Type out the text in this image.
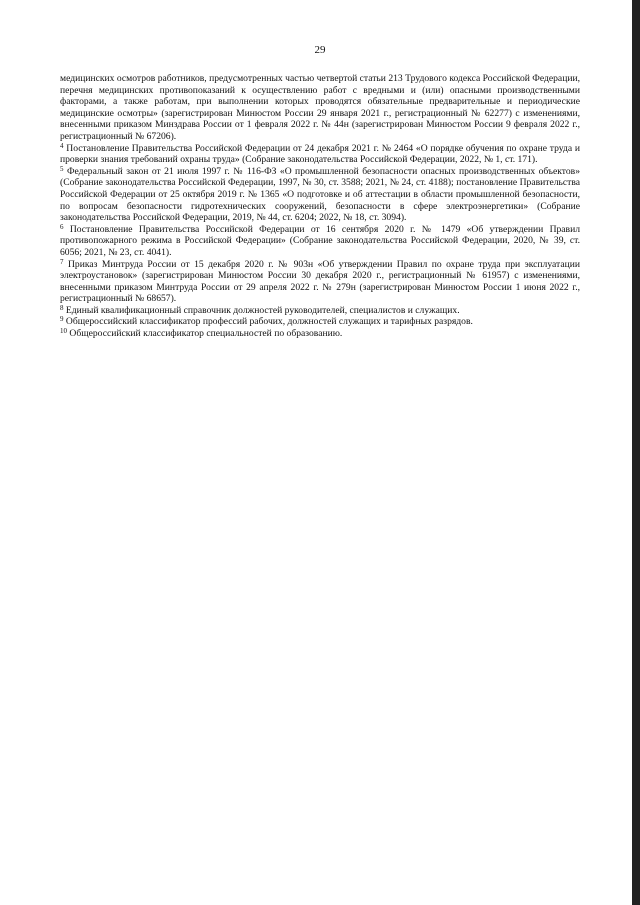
29

медицинских осмотров работников, предусмотренных частью четвертой статьи 213 Трудового кодекса Российской Федерации, перечня медицинских противопоказаний к осуществлению работ с вредными и (или) опасными производственными факторами, а также работам, при выполнении которых проводятся обязательные предварительные и периодические медицинские осмотры» (зарегистрирован Минюстом России 29 января 2021 г., регистрационный № 62277) с изменениями, внесенными приказом Минздрава России от 1 февраля 2022 г. № 44н (зарегистрирован Минюстом России 9 февраля 2022 г., регистрационный № 67206).

$^4$ Постановление Правительства Российской Федерации от 24 декабря 2021 г. № 2464 «О порядке обучения по охране труда и проверки знания требований охраны труда» (Собрание законодательства Российской Федерации, 2022, № 1, ст. 171).

$^5$ Федеральный закон от 21 июля 1997 г. № 116-ФЗ «О промышленной безопасности опасных производственных объектов» (Собрание законодательства Российской Федерации, 1997, № 30, ст. 3588; 2021, № 24, ст. 4188); постановление Правительства Российской Федерации от 25 октября 2019 г. № 1365 «О подготовке и об аттестации в области промышленной безопасности, по вопросам безопасности гидротехнических сооружений, безопасности в сфере электроэнергетики» (Собрание законодательства Российской Федерации, 2019, № 44, ст. 6204; 2022, № 18, ст. 3094).

$^6$ Постановление Правительства Российской Федерации от 16 сентября 2020 г. № 1479 «Об утверждении Правил противопожарного режима в Российской Федерации» (Собрание законодательства Российской Федерации, 2020, № 39, ст. 6056; 2021, № 23, ст. 4041).

$^7$ Приказ Минтруда России от 15 декабря 2020 г. № 903н «Об утверждении Правил по охране труда при эксплуатации электроустановок» (зарегистрирован Минюстом России 30 декабря 2020 г., регистрационный № 61957) с изменениями, внесенными приказом Минтруда России от 29 апреля 2022 г. № 279н (зарегистрирован Минюстом России 1 июня 2022 г., регистрационный № 68657).

$^8$ Единый квалификационный справочник должностей руководителей, специалистов и служащих.

$^9$ Общероссийский классификатор профессий рабочих, должностей служащих и тарифных разрядов.

$^{10}$ Общероссийский классификатор специальностей по образованию.
